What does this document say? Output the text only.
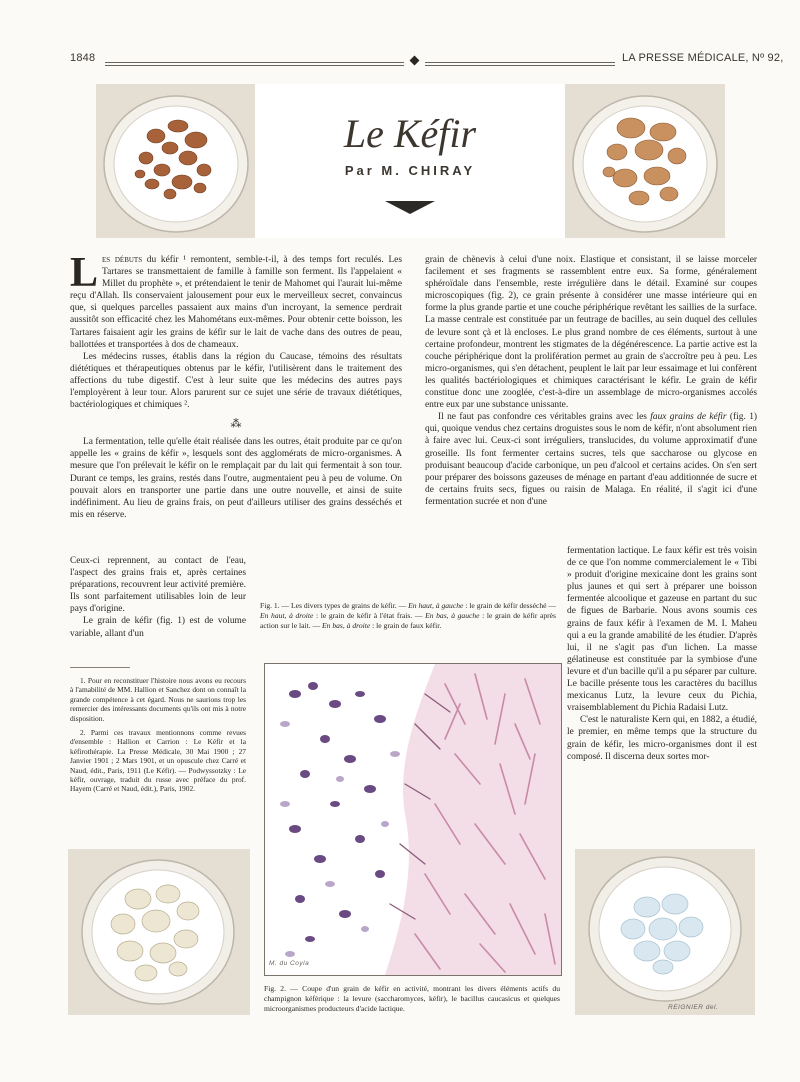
1848	LA PRESSE MÉDICALE, Nº 92,
Le Kéfir
Par M. CHIRAY

Les débuts du kéfir ¹ remontent, semble-t-il, à des temps fort reculés. Les Tartares se transmettaient de famille à famille son ferment. Ils l'appelaient « Millet du prophète », et prétendaient le tenir de Mahomet qui l'aurait lui-même reçu d'Allah. Ils conservaient jalousement pour eux le merveilleux secret, convaincus que, si quelques parcelles passaient aux mains d'un incroyant, la semence perdrait aussitôt son efficacité chez les Mahométans eux-mêmes. Pour obtenir cette boisson, les Tartares faisaient agir les grains de kéfir sur le lait de vache dans des outres de peau, ballottées et transportées à dos de chameaux.

Les médecins russes, établis dans la région du Caucase, témoins des résultats diététiques et thérapeutiques obtenus par le kéfir, l'utilisèrent dans le traitement des affections du tube digestif. C'est à leur suite que les médecins des autres pays l'employèrent à leur tour. Alors parurent sur ce sujet une série de travaux diététiques, bactériologiques et chimiques ².

⁂

La fermentation, telle qu'elle était réalisée dans les outres, était produite par ce qu'on appelle les « grains de kéfir », lesquels sont des agglomérats de micro-organismes. A mesure que l'on prélevait le kéfir on le remplaçait par du lait qui fermentait à son tour. Durant ce temps, les grains, restés dans l'outre, augmentaient peu à peu de volume. On pouvait alors en transporter une partie dans une outre nouvelle, et ainsi de suite indéfiniment. Au lieu de grains frais, on peut d'ailleurs utiliser des grains desséchés et mis en réserve.

Ceux-ci reprennent, au contact de l'eau, l'aspect des grains frais et, après certaines préparations, recouvrent leur activité première. Ils sont parfaitement utilisables loin de leur pays d'origine.

Le grain de kéfir (fig. 1) est de volume variable, allant d'un

1. Pour en reconstituer l'histoire nous avons eu recours à l'amabilité de MM. Hallion et Sanchez dont on connaît la grande compétence à cet égard. Nous ne saurions trop les remercier des intéressants documents qu'ils ont mis à notre disposition.

2. Parmi ces travaux mentionnons comme revues d'ensemble : Hallion et Carrion : Le Kéfir et la kéfirothérapie. La Presse Médicale, 30 Mai 1900 ; 27 Janvier 1901 ; 2 Mars 1901, et un opuscule chez Carré et Naud, édit., Paris, 1911 (Le Kéfir). — Podwyssotzky : Le kéfir, ouvrage, traduit du russe avec préface du prof. Hayem (Carré et Naud, édit.), Paris, 1902.

grain de chènevis à celui d'une noix. Elastique et consistant, il se laisse morceler facilement et ses fragments se rassemblent entre eux. Sa forme, généralement sphéroïdale dans l'ensemble, reste irrégulière dans le détail. Examiné sur coupes microscopiques (fig. 2), ce grain présente à considérer une masse intérieure qui en forme la plus grande partie et une couche périphérique revêtant les saillies de la surface. La masse centrale est constituée par un feutrage de bacilles, au sein duquel des cellules de levure sont çà et là encloses. Le plus grand nombre de ces éléments, surtout à une certaine profondeur, montrent les stigmates de la dégénérescence. La partie active est la couche périphérique dont la prolifération permet au grain de s'accroître peu à peu. Les micro-organismes, qui s'en détachent, peuplent le lait par leur essaimage et lui confèrent les qualités bactériologiques et chimiques caractérisant le kéfir. Le grain de kéfir constitue donc une zooglée, c'est-à-dire un assemblage de micro-organismes accolés entre eux par une substance unissante.

Il ne faut pas confondre ces véritables grains avec les faux grains de kéfir (fig. 1) qui, quoique vendus chez certains droguistes sous le nom de kéfir, n'ont absolument rien à faire avec lui. Ceux-ci sont irréguliers, translucides, du volume approximatif d'une groseille. Ils font fermenter certains sucres, tels que saccharose ou glycose en produisant beaucoup d'acide carbonique, un peu d'alcool et certains acides. On s'en sert pour préparer des boissons gazeuses de ménage en partant d'eau additionnée de sucre et de certains fruits secs, figues ou raisin de Malaga. En réalité, il s'agit ici d'une fermentation sucrée et non d'une

fermentation lactique. Le faux kéfir est très voisin de ce que l'on nomme commercialement le « Tibi » produit d'origine mexicaine dont les grains sont plus jaunes et qui sert à préparer une boisson fermentée alcoolique et gazeuse en partant du suc de figues de Barbarie. Nous avons soumis ces grains de faux kéfir à l'examen de M. I. Maheu qui a eu la grande amabilité de les étudier. D'après lui, il ne s'agit pas d'un lichen. La masse gélatineuse est constituée par la symbiose d'une levure et d'un bacille qu'il a pu séparer par culture. Le bacille présente tous les caractères du bacillus mexicanus Lutz, la levure ceux du Pichia, vraisemblablement du Pichia Radaisi Lutz.

C'est le naturaliste Kern qui, en 1882, a étudié, le premier, en même temps que la structure du grain de kéfir, les micro-organismes dont il est composé. Il discerna deux sortes mor-

Fig. 1. — Les divers types de grains de kéfir. — En haut, à gauche : le grain de kéfir desséché — En haut, à droite : le grain de kéfir à l'état frais. — En bas, à gauche : le grain de kéfir après action sur le lait. — En bas, à droite : le grain de faux kéfir.
M. du Coyla
Fig. 2. — Coupe d'un grain de kéfir en activité, montrant les divers éléments actifs du champignon kéfèrique : la levure (saccharomyces, kéfir), le bacillus caucasicus et quelques microorganismes producteurs d'acide lactique.	REIGNIER del.
